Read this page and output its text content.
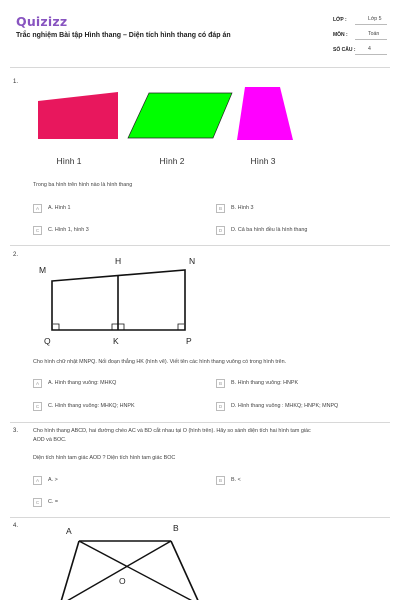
Quizizz
Trắc nghiệm Bài tập Hình thang – Diện tích hình thang có đáp án
LỚP :	Lớp 5
MÔN :	Toán
SỐ CÂU :	4
1.
Hình 1	Hình 2	Hình 3
Trong ba hình trên hình nào là hình thang
A	A. Hình 1	B	B. Hình 3
C	C. Hình 1, hình 3	D	D. Cả ba hình đều là hình thang
2.
M
H	N
Q	K	P
Cho hình chữ nhật MNPQ. Nối đoạn thẳng HK (hình vẽ). Viết tên các hình thang vuông có trong hình trên.
A	A. Hình thang vuông: MHKQ	B	B. Hình thang vuông: HNPK
C	C. Hình thang vuông: MHKQ; HNPK	D	D. Hình thang vuông : MHKQ; HNPK; MNPQ
3.	Cho hình thang ABCD, hai đường chéo AC và BD cắt nhau tại O (hình trên). Hãy so sánh diện tích hai hình tam giác
AOD và BOC.
Diện tích hình tam giác AOD ? Diện tích hình tam giác BOC
A	A. >	B	B. <
C	C. =
4.	A	B
O
